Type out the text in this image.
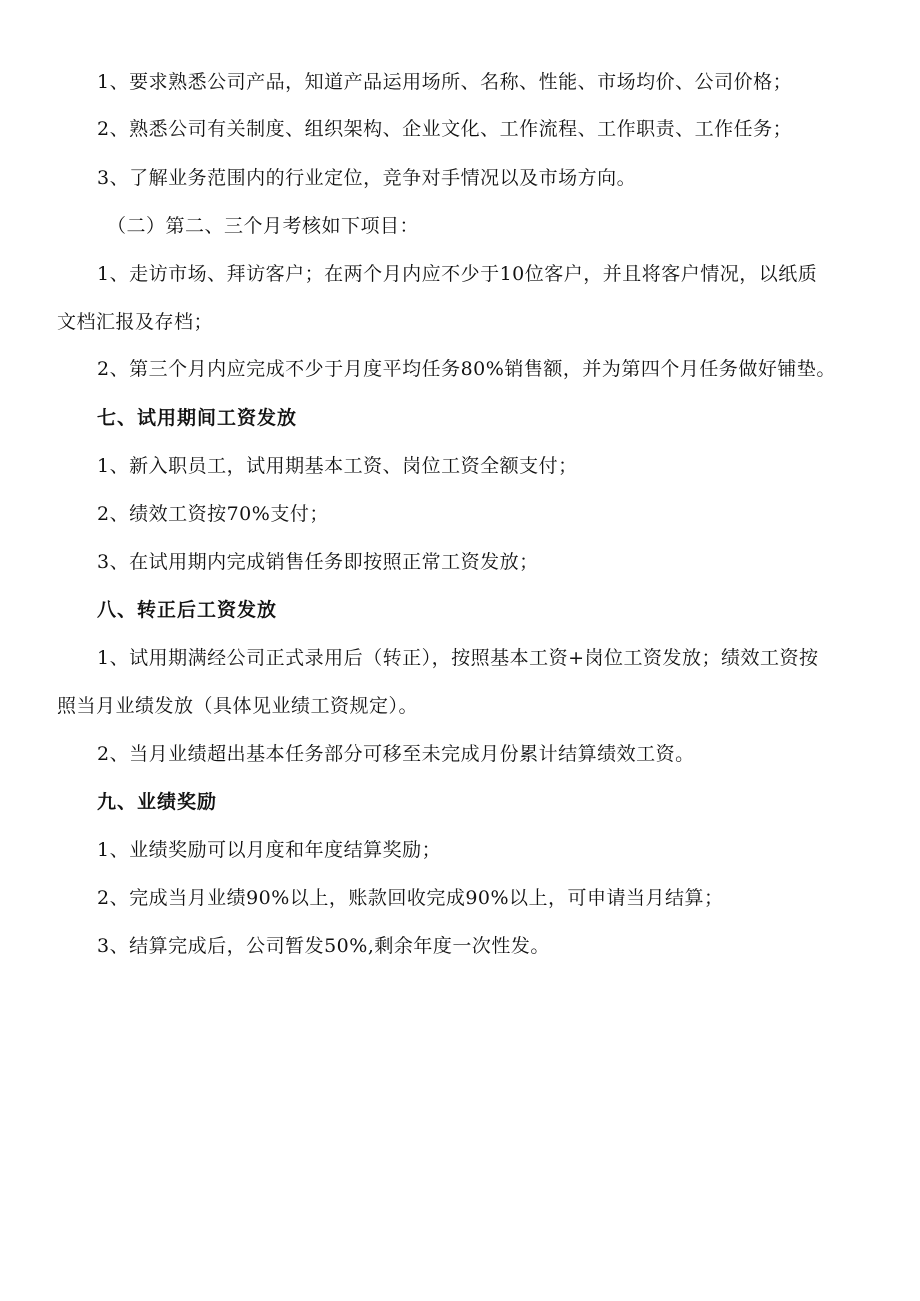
1、要求熟悉公司产品，知道产品运用场所、名称、性能、市场均价、公司价格；
2、熟悉公司有关制度、组织架构、企业文化、工作流程、工作职责、工作任务；
3、了解业务范围内的行业定位，竞争对手情况以及市场方向。
（二）第二、三个月考核如下项目：
1、走访市场、拜访客户；在两个月内应不少于10位客户，并且将客户情况，以纸质
文档汇报及存档；
2、第三个月内应完成不少于月度平均任务80%销售额，并为第四个月任务做好铺垫。
七、试用期间工资发放
1、新入职员工，试用期基本工资、岗位工资全额支付；
2、绩效工资按70%支付；
3、在试用期内完成销售任务即按照正常工资发放；
八、转正后工资发放
1、试用期满经公司正式录用后（转正），按照基本工资+岗位工资发放；绩效工资按
照当月业绩发放（具体见业绩工资规定）。
2、当月业绩超出基本任务部分可移至未完成月份累计结算绩效工资。
九、业绩奖励
1、业绩奖励可以月度和年度结算奖励；
2、完成当月业绩90%以上，账款回收完成90%以上，可申请当月结算；
3、结算完成后，公司暂发50%,剩余年度一次性发。
